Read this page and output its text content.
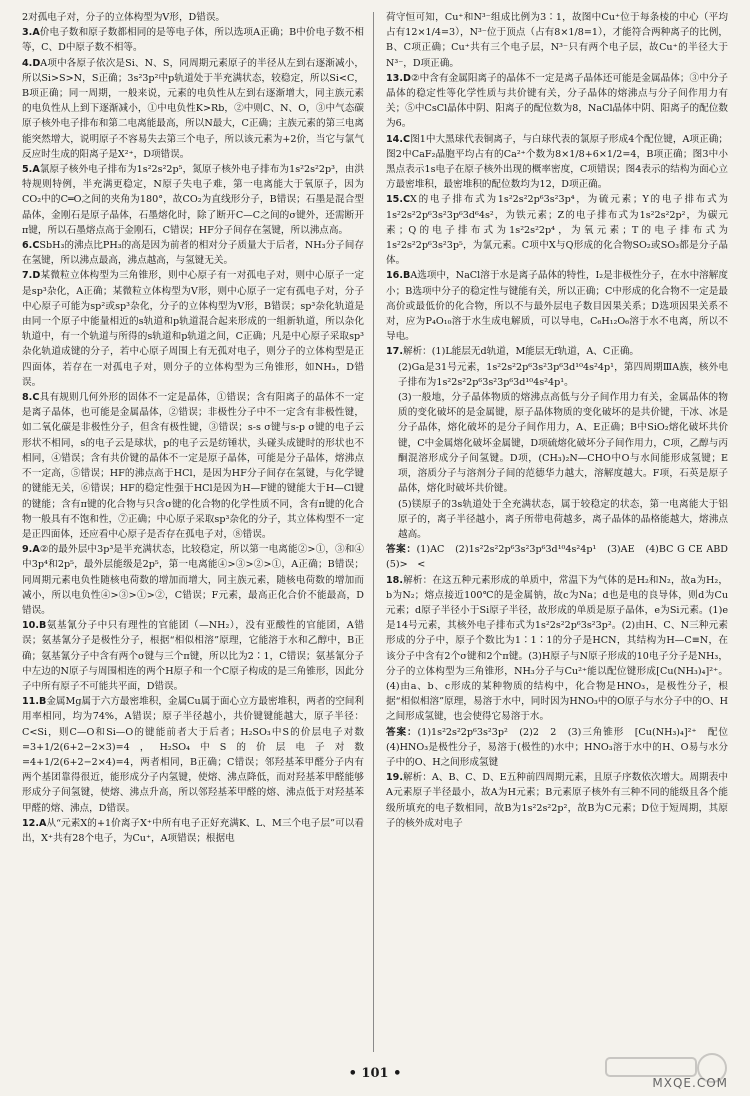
2对孤电子对，分子的立体构型为V形，D错误。

3.A价电子数和原子数都相同的是等电子体，所以选项A正确；B中价电子数不相等，C、D中原子数不相等。

4.DA项中各原子依次是Si、N、S，同周期元素原子的半径从左到右逐渐减小，所以Si>S>N，S正确；3s²3p²中p轨道处于半充满状态，较稳定，所以Si<C，B项正确；同一周期，一般来说，元素的电负性从左到右逐渐增大，同主族元素的电负性从上到下逐渐减小，①中电负性K>Rb，②中则C、N、O，③中气态碳原子核外电子排布和第二电离能最高，所以N最大，C正确；主族元素的第三电离能突然增大，说明原子不容易失去第三个电子，所以该元素为+2价，当它与氯气反应时生成的阳离子是X²⁺，D项错误。

5.A氯原子核外电子排布为1s²2s²2p⁵，氮原子核外电子排布为1s²2s²2p³，由洪特规则特例，半充满更稳定，N原子失电子难，第一电离能大于氧原子，因为CO₂中的C═O之间的夹角为180°，故CO₂为直线形分子，B错误；石墨是混合型晶体，金刚石是原子晶体，石墨熔化时，除了断开C—C之间的σ键外，还需断开π键，所以石墨熔点高于金刚石，C错误；HF分子间存在氢键，所以沸点高。

6.CSbH₃的沸点比PH₃的高是因为前者的相对分子质量大于后者，NH₃分子间存在氢键，所以沸点最高，沸点越高，与氢键无关。

7.D某微粒立体构型为三角锥形，则中心原子有一对孤电子对，则中心原子一定是sp³杂化，A正确；某微粒立体构型为V形，则中心原子一定有孤电子对，分子中心原子可能为sp²或sp³杂化，分子的立体构型为V形，B错误；sp³杂化轨道是由同一个原子中能量相近的s轨道和p轨道混合起来形成的一组新轨道，所以杂化轨道中，有一个轨道与所得的s轨道和p轨道之间，C正确；凡是中心原子采取sp³杂化轨道成键的分子，若中心原子周围上有无孤对电子，则分子的立体构型是正四面体，若存在一对孤电子对，则分子的立体构型为三角锥形，如NH₃，D错误。

8.C具有规则几何外形的固体不一定是晶体，①错误；含有阳离子的晶体不一定是离子晶体，也可能是金属晶体，②错误；非极性分子中不一定含有非极性键，如二氧化碳是非极性分子，但含有极性键，③错误；s-s σ键与s-p σ键的电子云形状不相同，s的电子云是球状，p的电子云是纺锤状，头碰头成键时的形状也不相同，④错误；含有共价键的晶体不一定是原子晶体，可能是分子晶体，熔沸点不一定高，⑤错误；HF的沸点高于HCl，是因为HF分子间存在氢键，与化学键的键能无关，⑥错误；HF的稳定性强于HCl是因为H—F键的键能大于H—Cl键的键能；含有π键的化合物与只含σ键的化合物的化学性质不同，含有π键的化合物一般具有不饱和性，⑦正确；中心原子采取sp³杂化的分子，其立体构型不一定是正四面体，还应看中心原子是否存在孤电子对，⑧错误。

9.A②的最外层中3p³是半充满状态，比较稳定，所以第一电离能②>①，③和④中3p⁴和2p⁵，最外层能级是2p⁵，第一电离能④>③>②>①，A正确；B错误；同周期元素电负性随核电荷数的增加而增大，同主族元素，随核电荷数的增加而减小，所以电负性④>③>①>②，C错误；F元素，最高正化合价不能最高，D错误。

10.B氨基氰分子中只有理性的官能团（—NH₂），没有亚酸性的官能团，A错误；氨基氰分子是极性分子，根据“相似相溶”原理，它能溶于水和乙醇中，B正确；氨基氰分子中含有两个σ键与三个π键，所以比为2∶1，C错误；氨基氰分子中左边的N原子与周围相连的两个H原子和一个C原子构成的是三角锥形，因此分子中所有原子不可能共平面，D错误。

11.B金属Mg属于六方最密堆积，金属Cu属于面心立方最密堆积，两者的空间利用率相同，均为74%，A错误；原子半径越小，共价键键能越大，原子半径：C<Si，则C—O和Si—O的键能前者大于后者；H₂SO₃中S的价层电子对数=3+1/2(6+2−2×3)=4，H₂SO₄中S的价层电子对数=4+1/2(6+2−2×4)=4，两者相同，B正确；C错误；邻羟基苯甲醛分子内有两个基团靠得很近，能形成分子内氢键，使熔、沸点降低，而对羟基苯甲醛能够形成分子间氢键，使熔、沸点升高，所以邻羟基苯甲醛的熔、沸点低于对羟基苯甲醛的熔、沸点，D错误。

12.A从“元素X的+1价离子X⁺中所有电子正好充满K、L、M三个电子层”可以看出，X⁺共有28个电子，为Cu⁺，A项错误；根据电

荷守恒可知，Cu⁺和N³⁻组成比例为3∶1，故图中Cu⁺位于每条棱的中心（平均占有12×1/4=3），N³⁻位于顶点（占有8×1/8=1），才能符合两种离子的比例，B、C项正确；Cu⁺共有三个电子层，N³⁻只有两个电子层，故Cu⁺的半径大于N³⁻，D项正确。

13.D②中含有金属阳离子的晶体不一定是离子晶体还可能是金属晶体；③中分子晶体的稳定性等化学性质与共价键有关，分子晶体的熔沸点与分子间作用力有关；⑤中CsCl晶体中阴、阳离子的配位数为8，NaCl晶体中阴、阳离子的配位数为6。

14.C图1中大黑球代表铜离子，与白球代表的氯原子形成4个配位键，A项正确；图2中CaF₂晶胞平均占有的Ca²⁺个数为8×1/8+6×1/2=4，B项正确；图3中小黑点表示1s电子在原子核外出现的概率密度，C项错误；图4表示的结构为面心立方最密堆积，最密堆积的配位数均为12，D项正确。

15.CX的电子排布式为1s²2s²2p⁶3s²3p⁴，为硫元素；Y的电子排布式为1s²2s²2p⁶3s²3p⁶3d⁶4s²，为铁元素；Z的电子排布式为1s²2s²2p²，为碳元素；Q的电子排布式为1s²2s²2p⁴，为氧元素；T的电子排布式为1s²2s²2p⁶3s²3p⁵，为氯元素。C项中X与Q形成的化合物SO₂或SO₃都是分子晶体。

16.BA选项中，NaCl溶于水是离子晶体的特性，I₂是非极性分子，在水中溶解度小；B选项中分子的稳定性与键能有关，所以正确；C中形成的化合物不一定是最高价或最低价的化合物，所以不与最外层电子数目因果关系；D选项因果关系不对，应为P₄O₁₀溶于水生成电解质，可以导电，C₆H₁₂O₆溶于水不电离，所以不导电。

17.解析：(1)L能层无d轨道，M能层无f轨道，A、C正确。

(2)Ga是31号元素，1s²2s²2p⁶3s²3p⁶3d¹⁰4s²4p¹，第四周期ⅢA族，核外电子排布为1s²2s²2p⁶3s²3p⁶3d¹⁰4s²4p¹。

(3)一般地，分子晶体物质的熔沸点高低与分子间作用力有关，金属晶体的物质的变化破坏的是金属键，原子晶体物质的变化破坏的是共价键，干冰、冰是分子晶体，熔化破坏的是分子间作用力，A、E正确；B中SiO₂熔化破坏共价键，C中金属熔化破坏金属键，D项硫熔化破坏分子间作用力，C项，乙醇与丙酮混溶形成分子间氢键。D项，(CH₃)₂N—CHO中O与水间能形成氢键；E项，溶质分子与溶剂分子间的范德华力越大，溶解度越大。F项，石英是原子晶体，熔化时破坏共价键。

(5)镁原子的3s轨道处于全充满状态，属于较稳定的状态，第一电离能大于铝原子的，离子半径越小，离子所带电荷越多，离子晶体的晶格能越大，熔沸点越高。

答案：(1)AC　(2)1s²2s²2p⁶3s²3p⁶3d¹⁰4s²4p¹　(3)AE　(4)BC G CE ABD　(5)>　<

18.解析：在这五种元素形成的单质中，常温下为气体的是H₂和N₂，故a为H₂，b为N₂；熔点接近100℃的是金属钠，故c为Na；d也是电的良导体，则d为Cu元素；d原子半径小于Si原子半径，故形成的单质是原子晶体，e为Si元素。(1)e是14号元素，其核外电子排布式为1s²2s²2p⁶3s²3p²。(2)由H、C、N三种元素形成的分子中，原子个数比为1∶1∶1的分子是HCN，其结构为H—C≡N，在该分子中含有2个σ键和2个π键。(3)H原子与N原子形成的10电子分子是NH₃，分子的立体构型为三角锥形，NH₃分子与Cu²⁺能以配位键形成[Cu(NH₃)₄]²⁺。(4)由a、b、c形成的某种物质的结构中，化合物是HNO₃，是极性分子，根据“相似相溶”原理，易溶于水中，同时因为HNO₃中的O原子与水分子中的O、H之间形成氢键，也会使得它易溶于水。

答案：(1)1s²2s²2p⁶3s²3p²　(2)2　2　(3)三角锥形　[Cu(NH₃)₄]²⁺　配位　(4)HNO₃是极性分子，易溶于(极性的)水中；HNO₃溶于水中的H、O易与水分子中的O、H之间形成氢键

19.解析：A、B、C、D、E五种前四周期元素，且原子序数依次增大。周期表中A元素原子半径最小，故A为H元素；B元素原子核外有三种不同的能级且各个能级所填充的电子数相同，故B为1s²2s²2p²，故B为C元素；D位于短周期，其原子的核外成对电子

• 101 •
MXQE.COM
